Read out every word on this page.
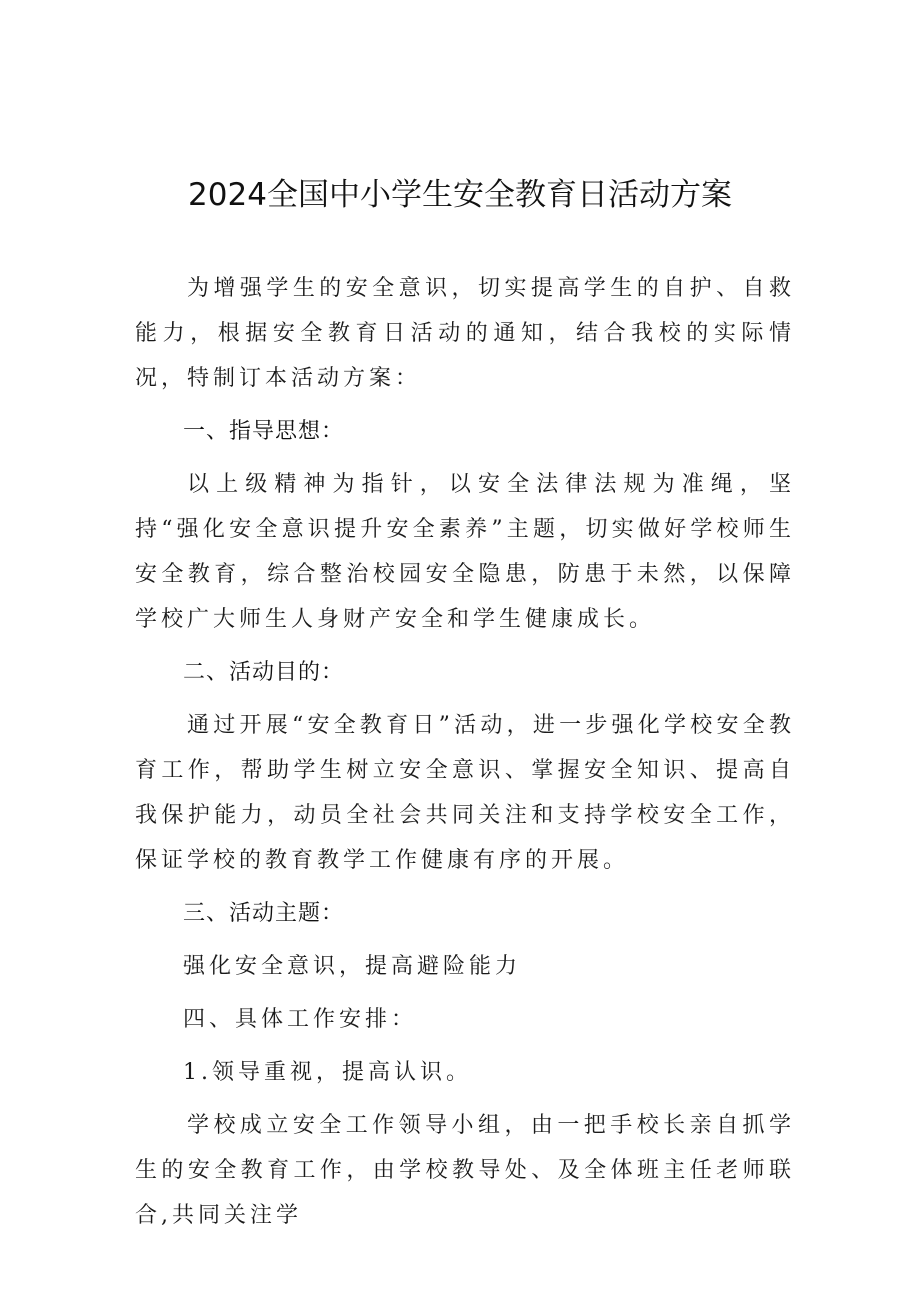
2024全国中小学生安全教育日活动方案

为增强学生的安全意识，切实提高学生的自护、自救能力，根据安全教育日活动的通知，结合我校的实际情况，特制订本活动方案：

一、指导思想：

以上级精神为指针，以安全法律法规为准绳，坚持“强化安全意识提升安全素养”主题，切实做好学校师生安全教育，综合整治校园安全隐患，防患于未然，以保障学校广大师生人身财产安全和学生健康成长。

二、活动目的：

通过开展“安全教育日”活动，进一步强化学校安全教育工作，帮助学生树立安全意识、掌握安全知识、提高自我保护能力，动员全社会共同关注和支持学校安全工作，保证学校的教育教学工作健康有序的开展。

三、活动主题：
强化安全意识，提高避险能力
四、具体工作安排：
1.领导重视，提高认识。

学校成立安全工作领导小组，由一把手校长亲自抓学生的安全教育工作，由学校教导处、及全体班主任老师联合,共同关注学
